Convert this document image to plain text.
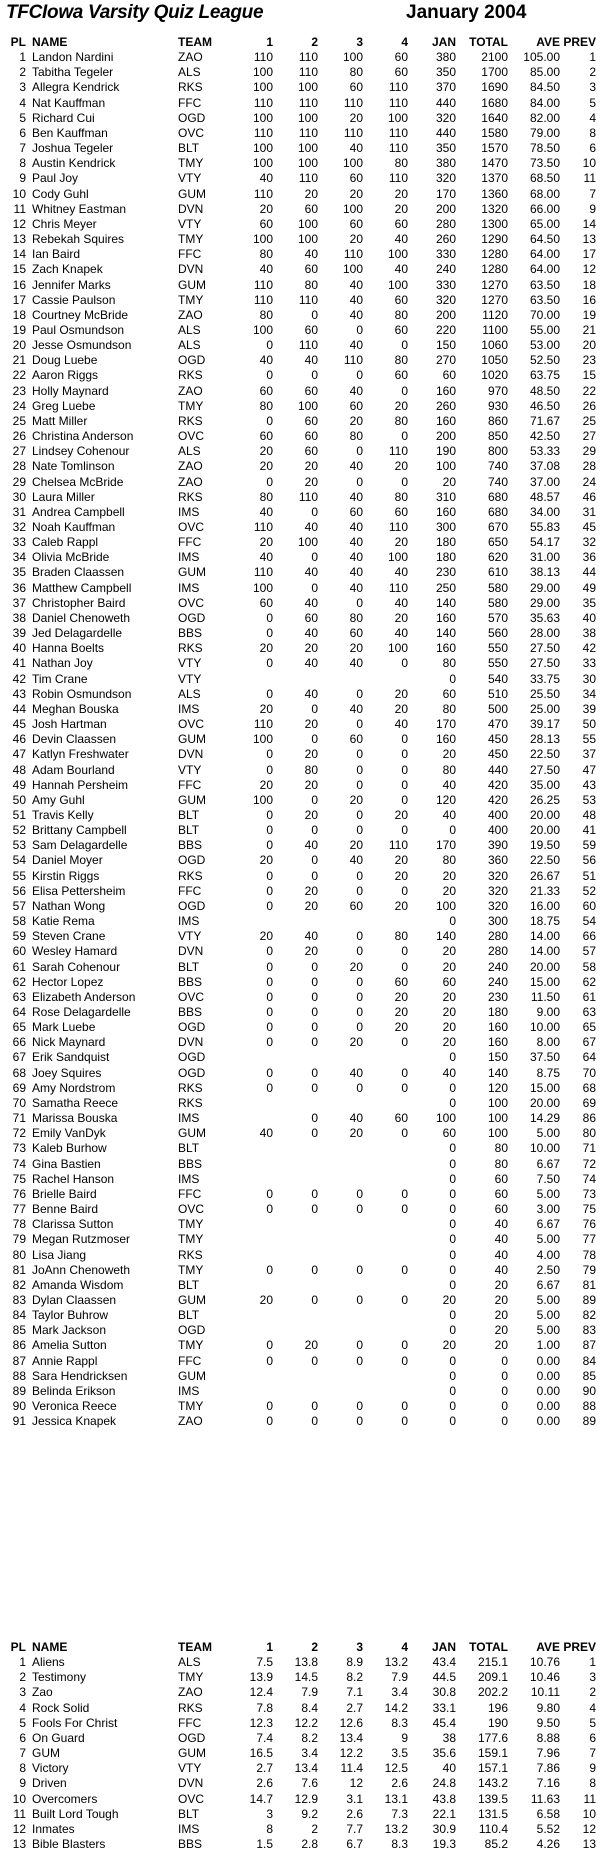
TFCIowa Varsity Quiz League	January 2004
PL	NAME	TEAM	1	2	3	4	JAN	TOTAL	AVE	PREV
1	Landon Nardini	ZAO	110	110	100	60	380	2100	105.00	1
2	Tabitha Tegeler	ALS	100	110	80	60	350	1700	85.00	2
3	Allegra Kendrick	RKS	100	100	60	110	370	1690	84.50	3
4	Nat Kauffman	FFC	110	110	110	110	440	1680	84.00	5
5	Richard Cui	OGD	100	100	20	100	320	1640	82.00	4
6	Ben Kauffman	OVC	110	110	110	110	440	1580	79.00	8
7	Joshua Tegeler	BLT	100	100	40	110	350	1570	78.50	6
8	Austin Kendrick	TMY	100	100	100	80	380	1470	73.50	10
9	Paul Joy	VTY	40	110	60	110	320	1370	68.50	11
10	Cody Guhl	GUM	110	20	20	20	170	1360	68.00	7
11	Whitney Eastman	DVN	20	60	100	20	200	1320	66.00	9
12	Chris Meyer	VTY	60	100	60	60	280	1300	65.00	14
13	Rebekah Squires	TMY	100	100	20	40	260	1290	64.50	13
14	Ian Baird	FFC	80	40	110	100	330	1280	64.00	17
15	Zach Knapek	DVN	40	60	100	40	240	1280	64.00	12
16	Jennifer Marks	GUM	110	80	40	100	330	1270	63.50	18
17	Cassie Paulson	TMY	110	110	40	60	320	1270	63.50	16
18	Courtney McBride	ZAO	80	0	40	80	200	1120	70.00	19
19	Paul Osmundson	ALS	100	60	0	60	220	1100	55.00	21
20	Jesse Osmundson	ALS	0	110	40	0	150	1060	53.00	20
21	Doug Luebe	OGD	40	40	110	80	270	1050	52.50	23
22	Aaron Riggs	RKS	0	0	0	60	60	1020	63.75	15
23	Holly Maynard	ZAO	60	60	40	0	160	970	48.50	22
24	Greg Luebe	TMY	80	100	60	20	260	930	46.50	26
25	Matt Miller	RKS	0	60	20	80	160	860	71.67	25
26	Christina Anderson	OVC	60	60	80	0	200	850	42.50	27
27	Lindsey Cohenour	ALS	20	60	0	110	190	800	53.33	29
28	Nate Tomlinson	ZAO	20	20	40	20	100	740	37.08	28
29	Chelsea McBride	ZAO	0	20	0	0	20	740	37.00	24
30	Laura Miller	RKS	80	110	40	80	310	680	48.57	46
31	Andrea Campbell	IMS	40	0	60	60	160	680	34.00	31
32	Noah Kauffman	OVC	110	40	40	110	300	670	55.83	45
33	Caleb Rappl	FFC	20	100	40	20	180	650	54.17	32
34	Olivia McBride	IMS	40	0	40	100	180	620	31.00	36
35	Braden Claassen	GUM	110	40	40	40	230	610	38.13	44
36	Matthew Campbell	IMS	100	0	40	110	250	580	29.00	49
37	Christopher Baird	OVC	60	40	0	40	140	580	29.00	35
38	Daniel Chenoweth	OGD	0	60	80	20	160	570	35.63	40
39	Jed Delagardelle	BBS	0	40	60	40	140	560	28.00	38
40	Hanna Boelts	RKS	20	20	20	100	160	550	27.50	42
41	Nathan Joy	VTY	0	40	40	0	80	550	27.50	33
42	Tim Crane	VTY					0	540	33.75	30
43	Robin Osmundson	ALS	0	40	0	20	60	510	25.50	34
44	Meghan Bouska	IMS	20	0	40	20	80	500	25.00	39
45	Josh Hartman	OVC	110	20	0	40	170	470	39.17	50
46	Devin Claassen	GUM	100	0	60	0	160	450	28.13	55
47	Katlyn Freshwater	DVN	0	20	0	0	20	450	22.50	37
48	Adam Bourland	VTY	0	80	0	0	80	440	27.50	47
49	Hannah Persheim	FFC	20	20	0	0	40	420	35.00	43
50	Amy Guhl	GUM	100	0	20	0	120	420	26.25	53
51	Travis Kelly	BLT	0	20	0	20	40	400	20.00	48
52	Brittany Campbell	BLT	0	0	0	0	0	400	20.00	41
53	Sam Delagardelle	BBS	0	40	20	110	170	390	19.50	59
54	Daniel Moyer	OGD	20	0	40	20	80	360	22.50	56
55	Kirstin Riggs	RKS	0	0	0	20	20	320	26.67	51
56	Elisa Pettersheim	FFC	0	20	0	0	20	320	21.33	52
57	Nathan Wong	OGD	0	20	60	20	100	320	16.00	60
58	Katie Rema	IMS					0	300	18.75	54
59	Steven Crane	VTY	20	40	0	80	140	280	14.00	66
60	Wesley Hamard	DVN	0	20	0	0	20	280	14.00	57
61	Sarah Cohenour	BLT	0	0	20	0	20	240	20.00	58
62	Hector Lopez	BBS	0	0	0	60	60	240	15.00	62
63	Elizabeth Anderson	OVC	0	0	0	20	20	230	11.50	61
64	Rose Delagardelle	BBS	0	0	0	20	20	180	9.00	63
65	Mark Luebe	OGD	0	0	0	20	20	160	10.00	65
66	Nick Maynard	DVN	0	0	20	0	20	160	8.00	67
67	Erik Sandquist	OGD					0	150	37.50	64
68	Joey Squires	OGD	0	0	40	0	40	140	8.75	70
69	Amy Nordstrom	RKS	0	0	0	0	0	120	15.00	68
70	Samatha Reece	RKS					0	100	20.00	69
71	Marissa Bouska	IMS		0	40	60	100	100	14.29	86
72	Emily VanDyk	GUM	40	0	20	0	60	100	5.00	80
73	Kaleb Burhow	BLT					0	80	10.00	71
74	Gina Bastien	BBS					0	80	6.67	72
75	Rachel Hanson	IMS					0	60	7.50	74
76	Brielle Baird	FFC	0	0	0	0	0	60	5.00	73
77	Benne Baird	OVC	0	0	0	0	0	60	3.00	75
78	Clarissa Sutton	TMY					0	40	6.67	76
79	Megan Rutzmoser	TMY					0	40	5.00	77
80	Lisa Jiang	RKS					0	40	4.00	78
81	JoAnn Chenoweth	TMY	0	0	0	0	0	40	2.50	79
82	Amanda Wisdom	BLT					0	20	6.67	81
83	Dylan Claassen	GUM	20	0	0	0	20	20	5.00	89
84	Taylor Buhrow	BLT					0	20	5.00	82
85	Mark Jackson	OGD					0	20	5.00	83
86	Amelia Sutton	TMY	0	20	0	0	20	20	1.00	87
87	Annie Rappl	FFC	0	0	0	0	0	0	0.00	84
88	Sara Hendricksen	GUM					0	0	0.00	85
89	Belinda Erikson	IMS					0	0	0.00	90
90	Veronica Reece	TMY	0	0	0	0	0	0	0.00	88
91	Jessica Knapek	ZAO	0	0	0	0	0	0	0.00	89
PL	NAME	TEAM	1	2	3	4	JAN	TOTAL	AVE	PREV
1	Aliens	ALS	7.5	13.8	8.9	13.2	43.4	215.1	10.76	1
2	Testimony	TMY	13.9	14.5	8.2	7.9	44.5	209.1	10.46	3
3	Zao	ZAO	12.4	7.9	7.1	3.4	30.8	202.2	10.11	2
4	Rock Solid	RKS	7.8	8.4	2.7	14.2	33.1	196	9.80	4
5	Fools For Christ	FFC	12.3	12.2	12.6	8.3	45.4	190	9.50	5
6	On Guard	OGD	7.4	8.2	13.4	9	38	177.6	8.88	6
7	GUM	GUM	16.5	3.4	12.2	3.5	35.6	159.1	7.96	7
8	Victory	VTY	2.7	13.4	11.4	12.5	40	157.1	7.86	9
9	Driven	DVN	2.6	7.6	12	2.6	24.8	143.2	7.16	8
10	Overcomers	OVC	14.7	12.9	3.1	13.1	43.8	139.5	11.63	11
11	Built Lord Tough	BLT	3	9.2	2.6	7.3	22.1	131.5	6.58	10
12	Inmates	IMS	8	2	7.7	13.2	30.9	110.4	5.52	12
13	Bible Blasters	BBS	1.5	2.8	6.7	8.3	19.3	85.2	4.26	13
